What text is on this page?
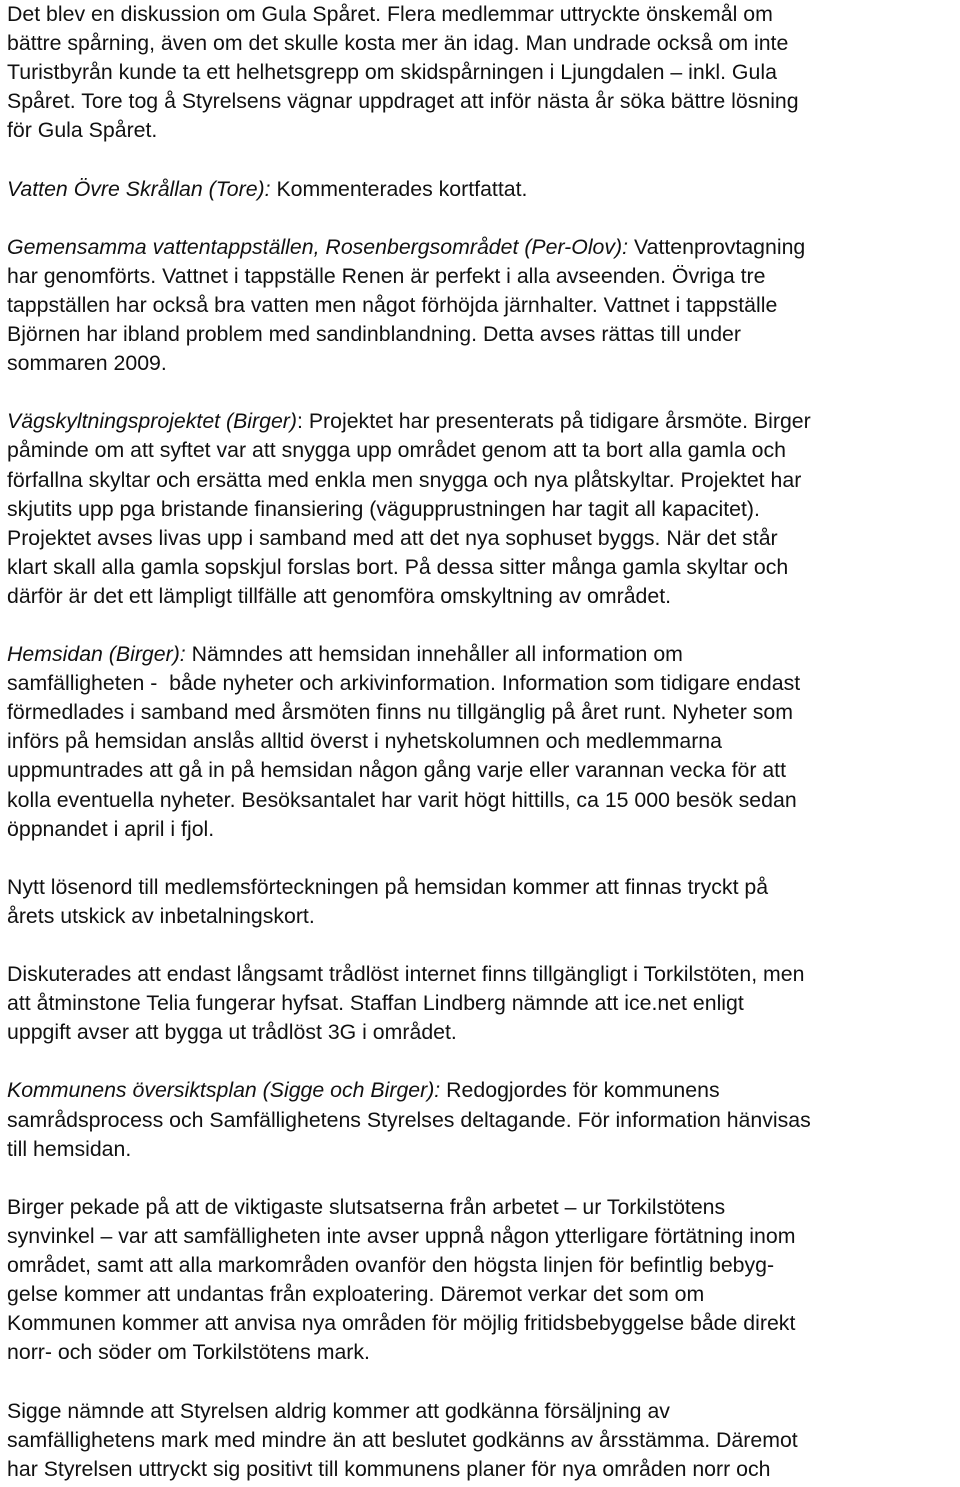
Det blev en diskussion om Gula Spåret. Flera medlemmar uttryckte önskemål om
bättre spårning, även om det skulle kosta mer än idag. Man undrade också om inte
Turistbyrån kunde ta ett helhetsgrepp om skidspårningen i Ljungdalen – inkl. Gula
Spåret. Tore tog å Styrelsens vägnar uppdraget att inför nästa år söka bättre lösning
för Gula Spåret.
Vatten Övre Skrållan (Tore): Kommenterades kortfattat.
Gemensamma vattentappställen, Rosenbergsområdet (Per-Olov): Vattenprovtagning
har genomförts. Vattnet i tappställe Renen är perfekt i alla avseenden. Övriga tre
tappställen har också bra vatten men något förhöjda järnhalter. Vattnet i tappställe
Björnen har ibland problem med sandinblandning. Detta avses rättas till under
sommaren 2009.
Vägskyltningsprojektet (Birger): Projektet har presenterats på tidigare årsmöte. Birger
påminde om att syftet var att snygga upp området genom att ta bort alla gamla och
förfallna skyltar och ersätta med enkla men snygga och nya plåtskyltar. Projektet har
skjutits upp pga bristande finansiering (vägupprustningen har tagit all kapacitet).
Projektet avses livas upp i samband med att det nya sophuset byggs. När det står
klart skall alla gamla sopskjul forslas bort. På dessa sitter många gamla skyltar och
därför är det ett lämpligt tillfälle att genomföra omskyltning av området.
Hemsidan (Birger): Nämndes att hemsidan innehåller all information om
samfälligheten -  både nyheter och arkivinformation. Information som tidigare endast
förmedlades i samband med årsmöten finns nu tillgänglig på året runt. Nyheter som
införs på hemsidan anslås alltid överst i nyhetskolumnen och medlemmarna
uppmuntrades att gå in på hemsidan någon gång varje eller varannan vecka för att
kolla eventuella nyheter. Besöksantalet har varit högt hittills, ca 15 000 besök sedan
öppnandet i april i fjol.
Nytt lösenord till medlemsförteckningen på hemsidan kommer att finnas tryckt på
årets utskick av inbetalningskort.
Diskuterades att endast långsamt trådlöst internet finns tillgängligt i Torkilstöten, men
att åtminstone Telia fungerar hyfsat. Staffan Lindberg nämnde att ice.net enligt
uppgift avser att bygga ut trådlöst 3G i området.
Kommunens översiktsplan (Sigge och Birger): Redogjordes för kommunens
samrådsprocess och Samfällighetens Styrelses deltagande. För information hänvisas
till hemsidan.
Birger pekade på att de viktigaste slutsatserna från arbetet – ur Torkilstötens
synvinkel – var att samfälligheten inte avser uppnå någon ytterligare förtätning inom
området, samt att alla markområden ovanför den högsta linjen för befintlig bebyg-
gelse kommer att undantas från exploatering. Däremot verkar det som om
Kommunen kommer att anvisa nya områden för möjlig fritidsbebyggelse både direkt
norr- och söder om Torkilstötens mark.
Sigge nämnde att Styrelsen aldrig kommer att godkänna försäljning av
samfällighetens mark med mindre än att beslutet godkänns av årsstämma. Däremot
har Styrelsen uttryckt sig positivt till kommunens planer för nya områden norr och
